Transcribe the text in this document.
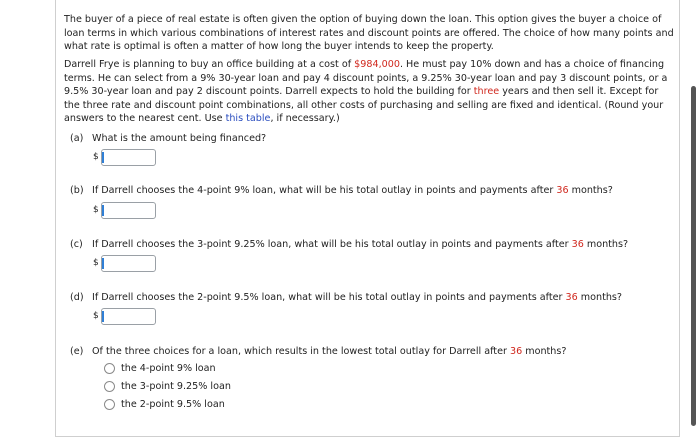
The buyer of a piece of real estate is often given the option of buying down the loan. This option gives the buyer a choice of loan terms in which various combinations of interest rates and discount points are offered. The choice of how many points and what rate is optimal is often a matter of how long the buyer intends to keep the property.

Darrell Frye is planning to buy an office building at a cost of $984,000. He must pay 10% down and has a choice of financing terms. He can select from a 9% 30-year loan and pay 4 discount points, a 9.25% 30-year loan and pay 3 discount points, or a 9.5% 30-year loan and pay 2 discount points. Darrell expects to hold the building for three years and then sell it. Except for the three rate and discount point combinations, all other costs of purchasing and selling are fixed and identical. (Round your answers to the nearest cent. Use this table, if necessary.)

(a) What is the amount being financed?
$
(b) If Darrell chooses the 4-point 9% loan, what will be his total outlay in points and payments after 36 months?
$
(c) If Darrell chooses the 3-point 9.25% loan, what will be his total outlay in points and payments after 36 months?
$
(d) If Darrell chooses the 2-point 9.5% loan, what will be his total outlay in points and payments after 36 months?
$
(e) Of the three choices for a loan, which results in the lowest total outlay for Darrell after 36 months?
the 4-point 9% loan
the 3-point 9.25% loan
the 2-point 9.5% loan
